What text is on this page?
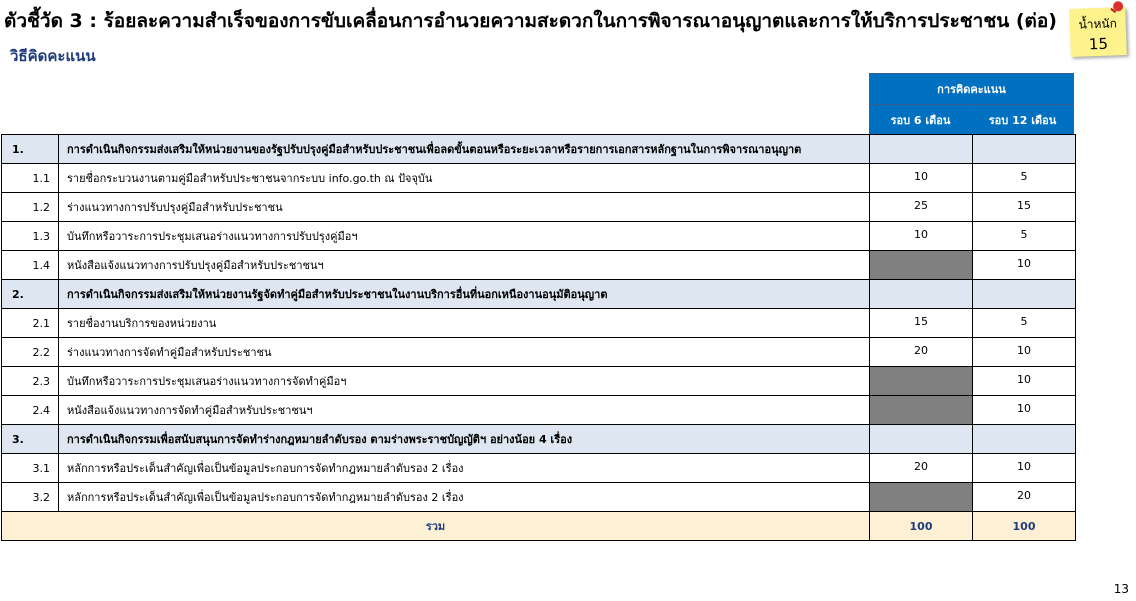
ตัวชี้วัด 3 : ร้อยละความสำเร็จของการขับเคลื่อนการอำนวยความสะดวกในการพิจารณาอนุญาตและการให้บริการประชาชน (ต่อ)
วิธีคิดคะแนน
น้ำหนัก
15
การคิดคะแนน
รอบ 6 เดือน	รอบ 12 เดือน
1.	การดำเนินกิจกรรมส่งเสริมให้หน่วยงานของรัฐปรับปรุงคู่มือสำหรับประชาชนเพื่อลดขั้นตอนหรือระยะเวลาหรือรายการเอกสารหลักฐานในการพิจารณาอนุญาต		
1.1	รายชื่อกระบวนงานตามคู่มือสำหรับประชาชนจากระบบ info.go.th ณ ปัจจุบัน	10	5
1.2	ร่างแนวทางการปรับปรุงคู่มือสำหรับประชาชน	25	15
1.3	บันทึกหรือวาระการประชุมเสนอร่างแนวทางการปรับปรุงคู่มือฯ	10	5
1.4	หนังสือแจ้งแนวทางการปรับปรุงคู่มือสำหรับประชาชนฯ		10
2.	การดำเนินกิจกรรมส่งเสริมให้หน่วยงานรัฐจัดทำคู่มือสำหรับประชาชนในงานบริการอื่นที่นอกเหนืองานอนุมัติอนุญาต		
2.1	รายชื่องานบริการของหน่วยงาน	15	5
2.2	ร่างแนวทางการจัดทำคู่มือสำหรับประชาชน	20	10
2.3	บันทึกหรือวาระการประชุมเสนอร่างแนวทางการจัดทำคู่มือฯ		10
2.4	หนังสือแจ้งแนวทางการจัดทำคู่มือสำหรับประชาชนฯ		10
3.	การดำเนินกิจกรรมเพื่อสนับสนุนการจัดทำร่างกฎหมายลำดับรอง ตามร่างพระราชบัญญัติฯ อย่างน้อย 4 เรื่อง		
3.1	หลักการหรือประเด็นสำคัญเพื่อเป็นข้อมูลประกอบการจัดทำกฎหมายลำดับรอง 2 เรื่อง	20	10
3.2	หลักการหรือประเด็นสำคัญเพื่อเป็นข้อมูลประกอบการจัดทำกฎหมายลำดับรอง 2 เรื่อง		20
รวม		100	100
13
